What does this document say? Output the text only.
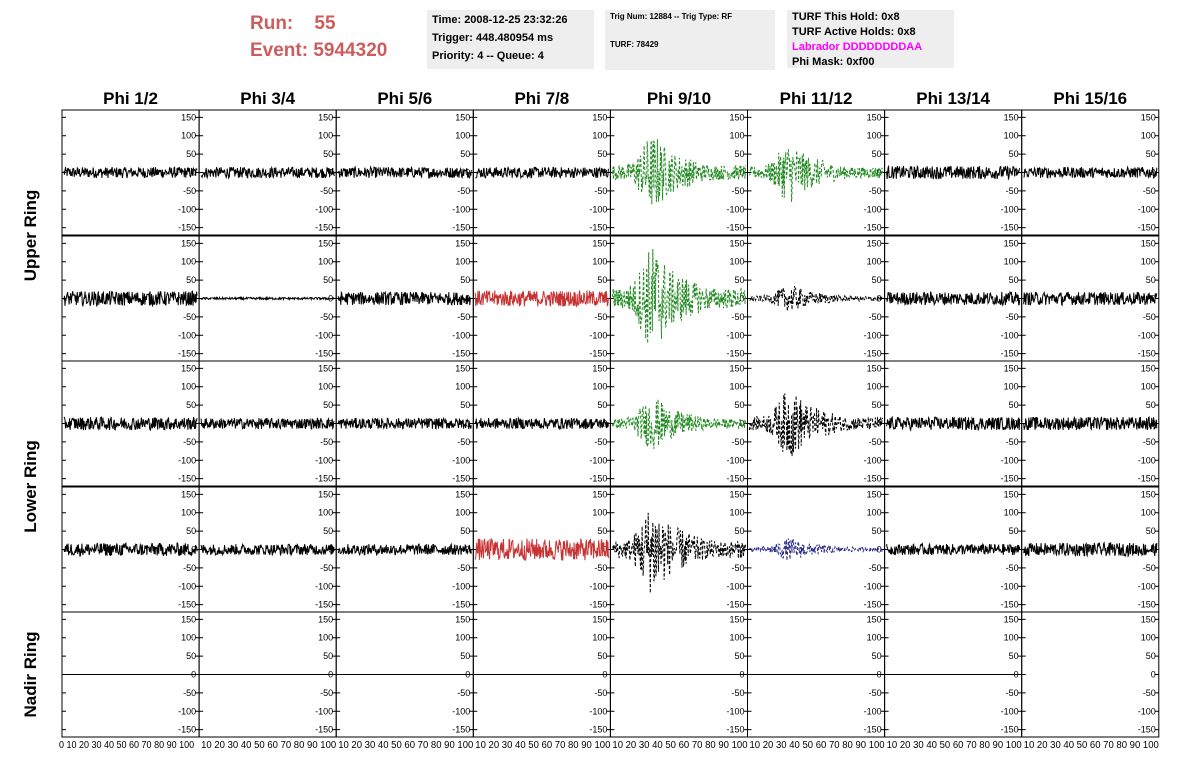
Run: 55
Event: 5944320
Time: 2008-12-25 23:32:26
Trigger: 448.480954 ms
Priority: 4 -- Queue: 4
Trig Num: 12884 -- Trig Type: RF
TURF: 78429
TURF This Hold: 0x8
TURF Active Holds: 0x8
Labrador DDDDDDDDAA
Phi Mask: 0xf00
Phi 1/2	Phi 3/4	Phi 5/6	Phi 7/8	Phi 9/10	Phi 11/12	Phi 13/14	Phi 15/16
Upper Ring
Lower Ring
Nadir Ring
150
100
50
0
-50
-100
-150
150
100
50
0
-50
-100
-150
150
100
50
0
-50
-100
-150
150
100
50
0
-50
-100
-150
150
100
50
0
-50
-100
-150
150
100
50
0
-50
-100
-150
150
100
50
0
-50
-100
-150
150
100
50
0
-50
-100
-150
150
100
50
0
-50
-100
-150
150
100
50
0
-50
-100
-150
150
100
50
0
-50
-100
-150
150
100
50
0
-50
-100
-150
150
100
50
0
-50
-100
-150
150
100
50
0
-50
-100
-150
150
100
50
0
-50
-100
-150
150
100
50
0
-50
-100
-150
150
100
50
0
-50
-100
-150
150
100
50
0
-50
-100
-150
150
100
50
0
-50
-100
-150
150
100
50
0
-50
-100
-150
150
100
50
0
-50
-100
-150
150
100
50
0
-50
-100
-150
150
100
50
0
-50
-100
-150
150
100
50
0
-50
-100
-150
150
100
50
0
-50
-100
-150
150
100
50
0
-50
-100
-150
150
100
50
0
-50
-100
-150
150
100
50
0
-50
-100
-150
150
100
50
0
-50
-100
-150
150
100
50
0
-50
-100
-150
150
100
50
0
-50
-100
-150
150
100
50
0
-50
-100
-150
150
100
50
0
-50
-100
-150
150
100
50
0
-50
-100
-150
150
100
50
0
-50
-100
-150
150
100
50
0
-50
-100
-150
150
100
50
0
-50
-100
-150
150
100
50
0
-50
-100
-150
150
100
50
0
-50
-100
-150
150
100
50
0
-50
-100
-150
0 10 20 30 40 50 60 70 80 90 100 10 20 30 40 50 60 70 80 90 100 10 20 30 40 50 60 70 80 90 100 10 20 30 40 50 60 70 80 90 100 10 20 30 40 50 60 70 80 90 100 10 20 30 40 50 60 70 80 90 100 10 20 30 40 50 60 70 80 90 100 10 20 30 40 50 60 70 80 90 100
